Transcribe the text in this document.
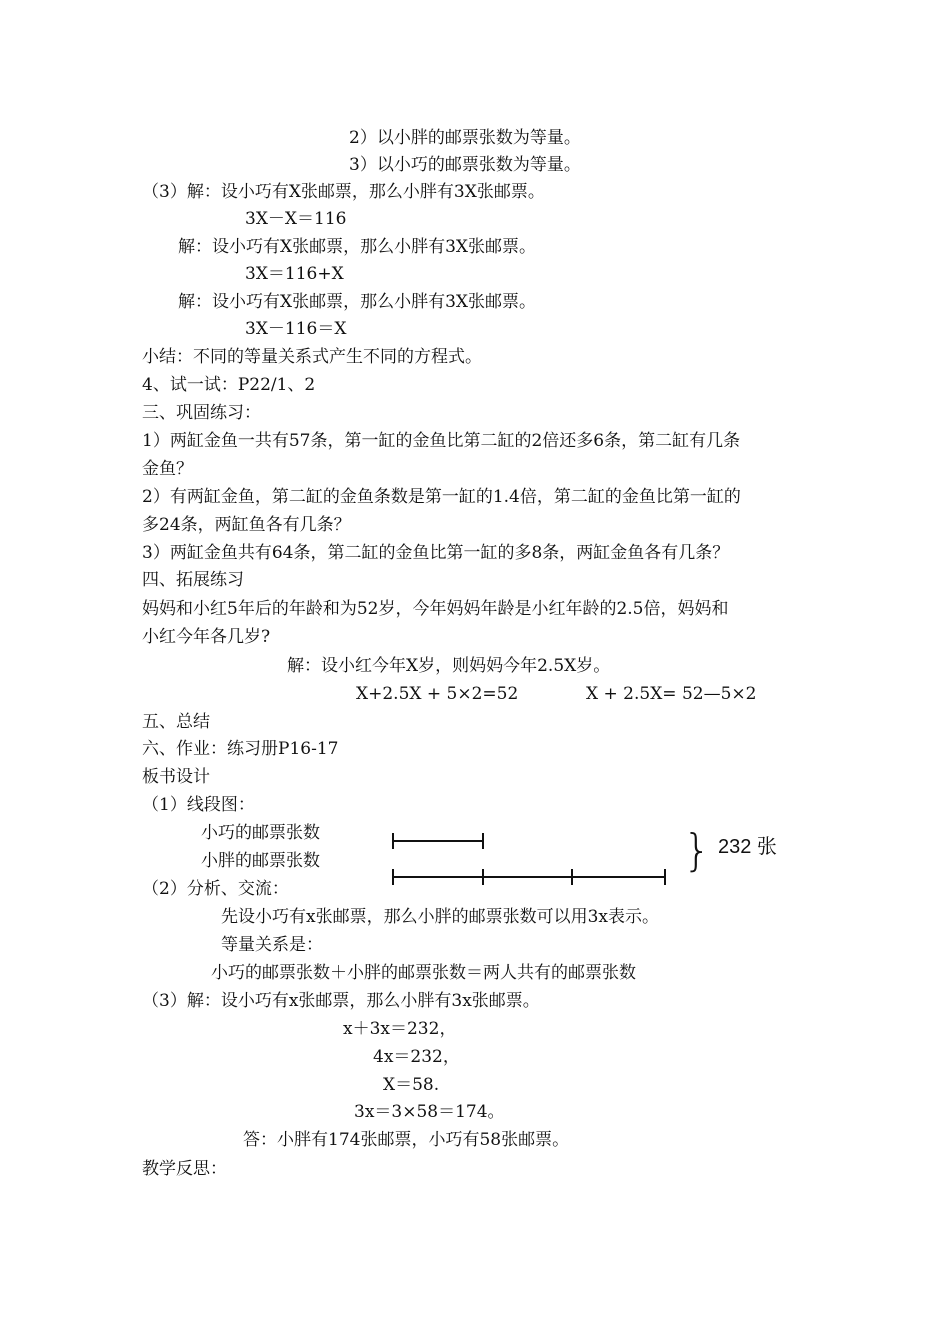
2）以小胖的邮票张数为等量。
3）以小巧的邮票张数为等量。
（3）解：设小巧有X张邮票，那么小胖有3X张邮票。
3X－X＝116
解：设小巧有X张邮票，那么小胖有3X张邮票。
3X＝116+X
解：设小巧有X张邮票，那么小胖有3X张邮票。
3X－116＝X
小结：不同的等量关系式产生不同的方程式。
4、试一试：P22/1、2
三、巩固练习：
1）两缸金鱼一共有57条，第一缸的金鱼比第二缸的2倍还多6条，第二缸有几条
金鱼？
2）有两缸金鱼，第二缸的金鱼条数是第一缸的1.4倍，第二缸的金鱼比第一缸的
多24条，两缸鱼各有几条？
3）两缸金鱼共有64条，第二缸的金鱼比第一缸的多8条，两缸金鱼各有几条？
四、拓展练习
妈妈和小红5年后的年龄和为52岁，今年妈妈年龄是小红年龄的2.5倍，妈妈和
小红今年各几岁?
解：设小红今年X岁，则妈妈今年2.5X岁。
X+2.5X + 5×2=52	X + 2.5X= 52—5×2
五、总结
六、作业：练习册P16-17
板书设计
（1）线段图：
小巧的邮票张数
小胖的邮票张数	} 232 张
（2）分析、交流：
先设小巧有x张邮票，那么小胖的邮票张数可以用3x表示。
等量关系是：
小巧的邮票张数＋小胖的邮票张数＝两人共有的邮票张数
（3）解：设小巧有x张邮票，那么小胖有3x张邮票。
x＋3x＝232，
4x＝232，
X＝58.
3x＝3×58＝174。
答：小胖有174张邮票，小巧有58张邮票。
教学反思：
